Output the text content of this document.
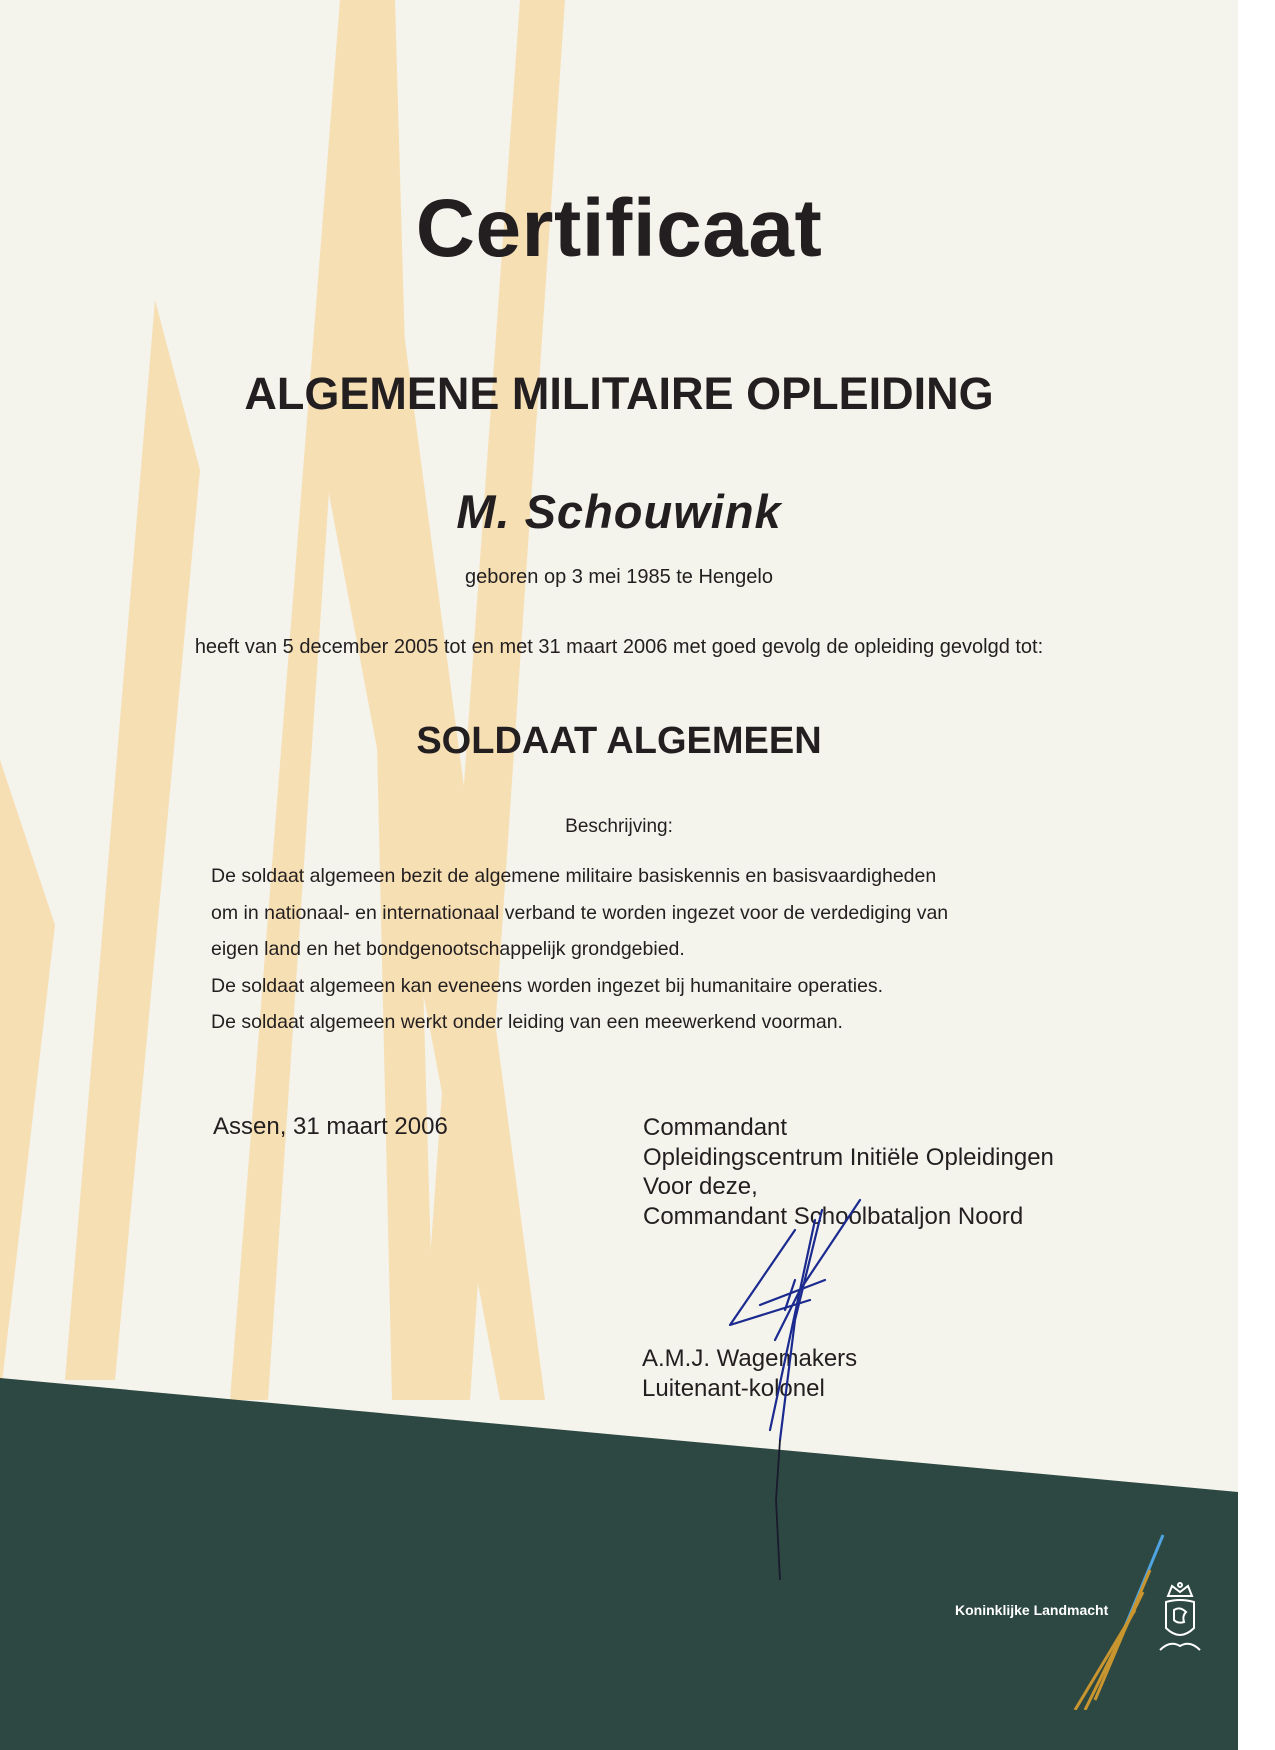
Certificaat
ALGEMENE MILITAIRE OPLEIDING
M. Schouwink
geboren op 3 mei 1985 te Hengelo
heeft van 5 december 2005 tot en met 31 maart 2006 met goed gevolg de opleiding gevolgd tot:
SOLDAAT ALGEMEEN
Beschrijving:
De soldaat algemeen bezit de algemene militaire basiskennis en basisvaardigheden
om in nationaal- en internationaal verband te worden ingezet voor de verdediging van
eigen land en het bondgenootschappelijk grondgebied.
De soldaat algemeen kan eveneens worden ingezet bij humanitaire operaties.
De soldaat algemeen werkt onder leiding van een meewerkend voorman.
Assen, 31 maart 2006	Commandant
Opleidingscentrum Initiële Opleidingen
Voor deze,
Commandant Schoolbataljon Noord
A.M.J. Wagemakers
Luitenant-kolonel
Koninklijke Landmacht
